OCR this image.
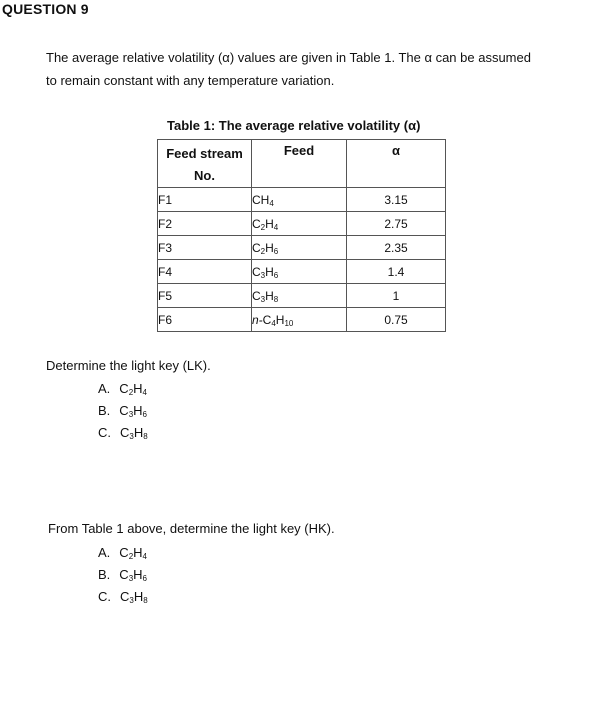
QUESTION 9
The average relative volatility (α) values are given in Table 1. The α can be assumed
to remain constant with any temperature variation.
Table 1: The average relative volatility (α)
Feed stream
No.	Feed	α
F1	$CH_4$	3.15
F2	$C_2H_4$	2.75
F3	$C_2H_6$	2.35
F4	$C_3H_6$	1.4
F5	$C_3H_8$	1
F6	$n-C_4H_{10}$	0.75
Determine the light key (LK).
A. $C_2H_4$
B. $C_3H_6$
C. $C_3H_8$
From Table 1 above, determine the light key (HK).
A. $C_2H_4$
B. $C_3H_6$
C. $C_3H_8$
